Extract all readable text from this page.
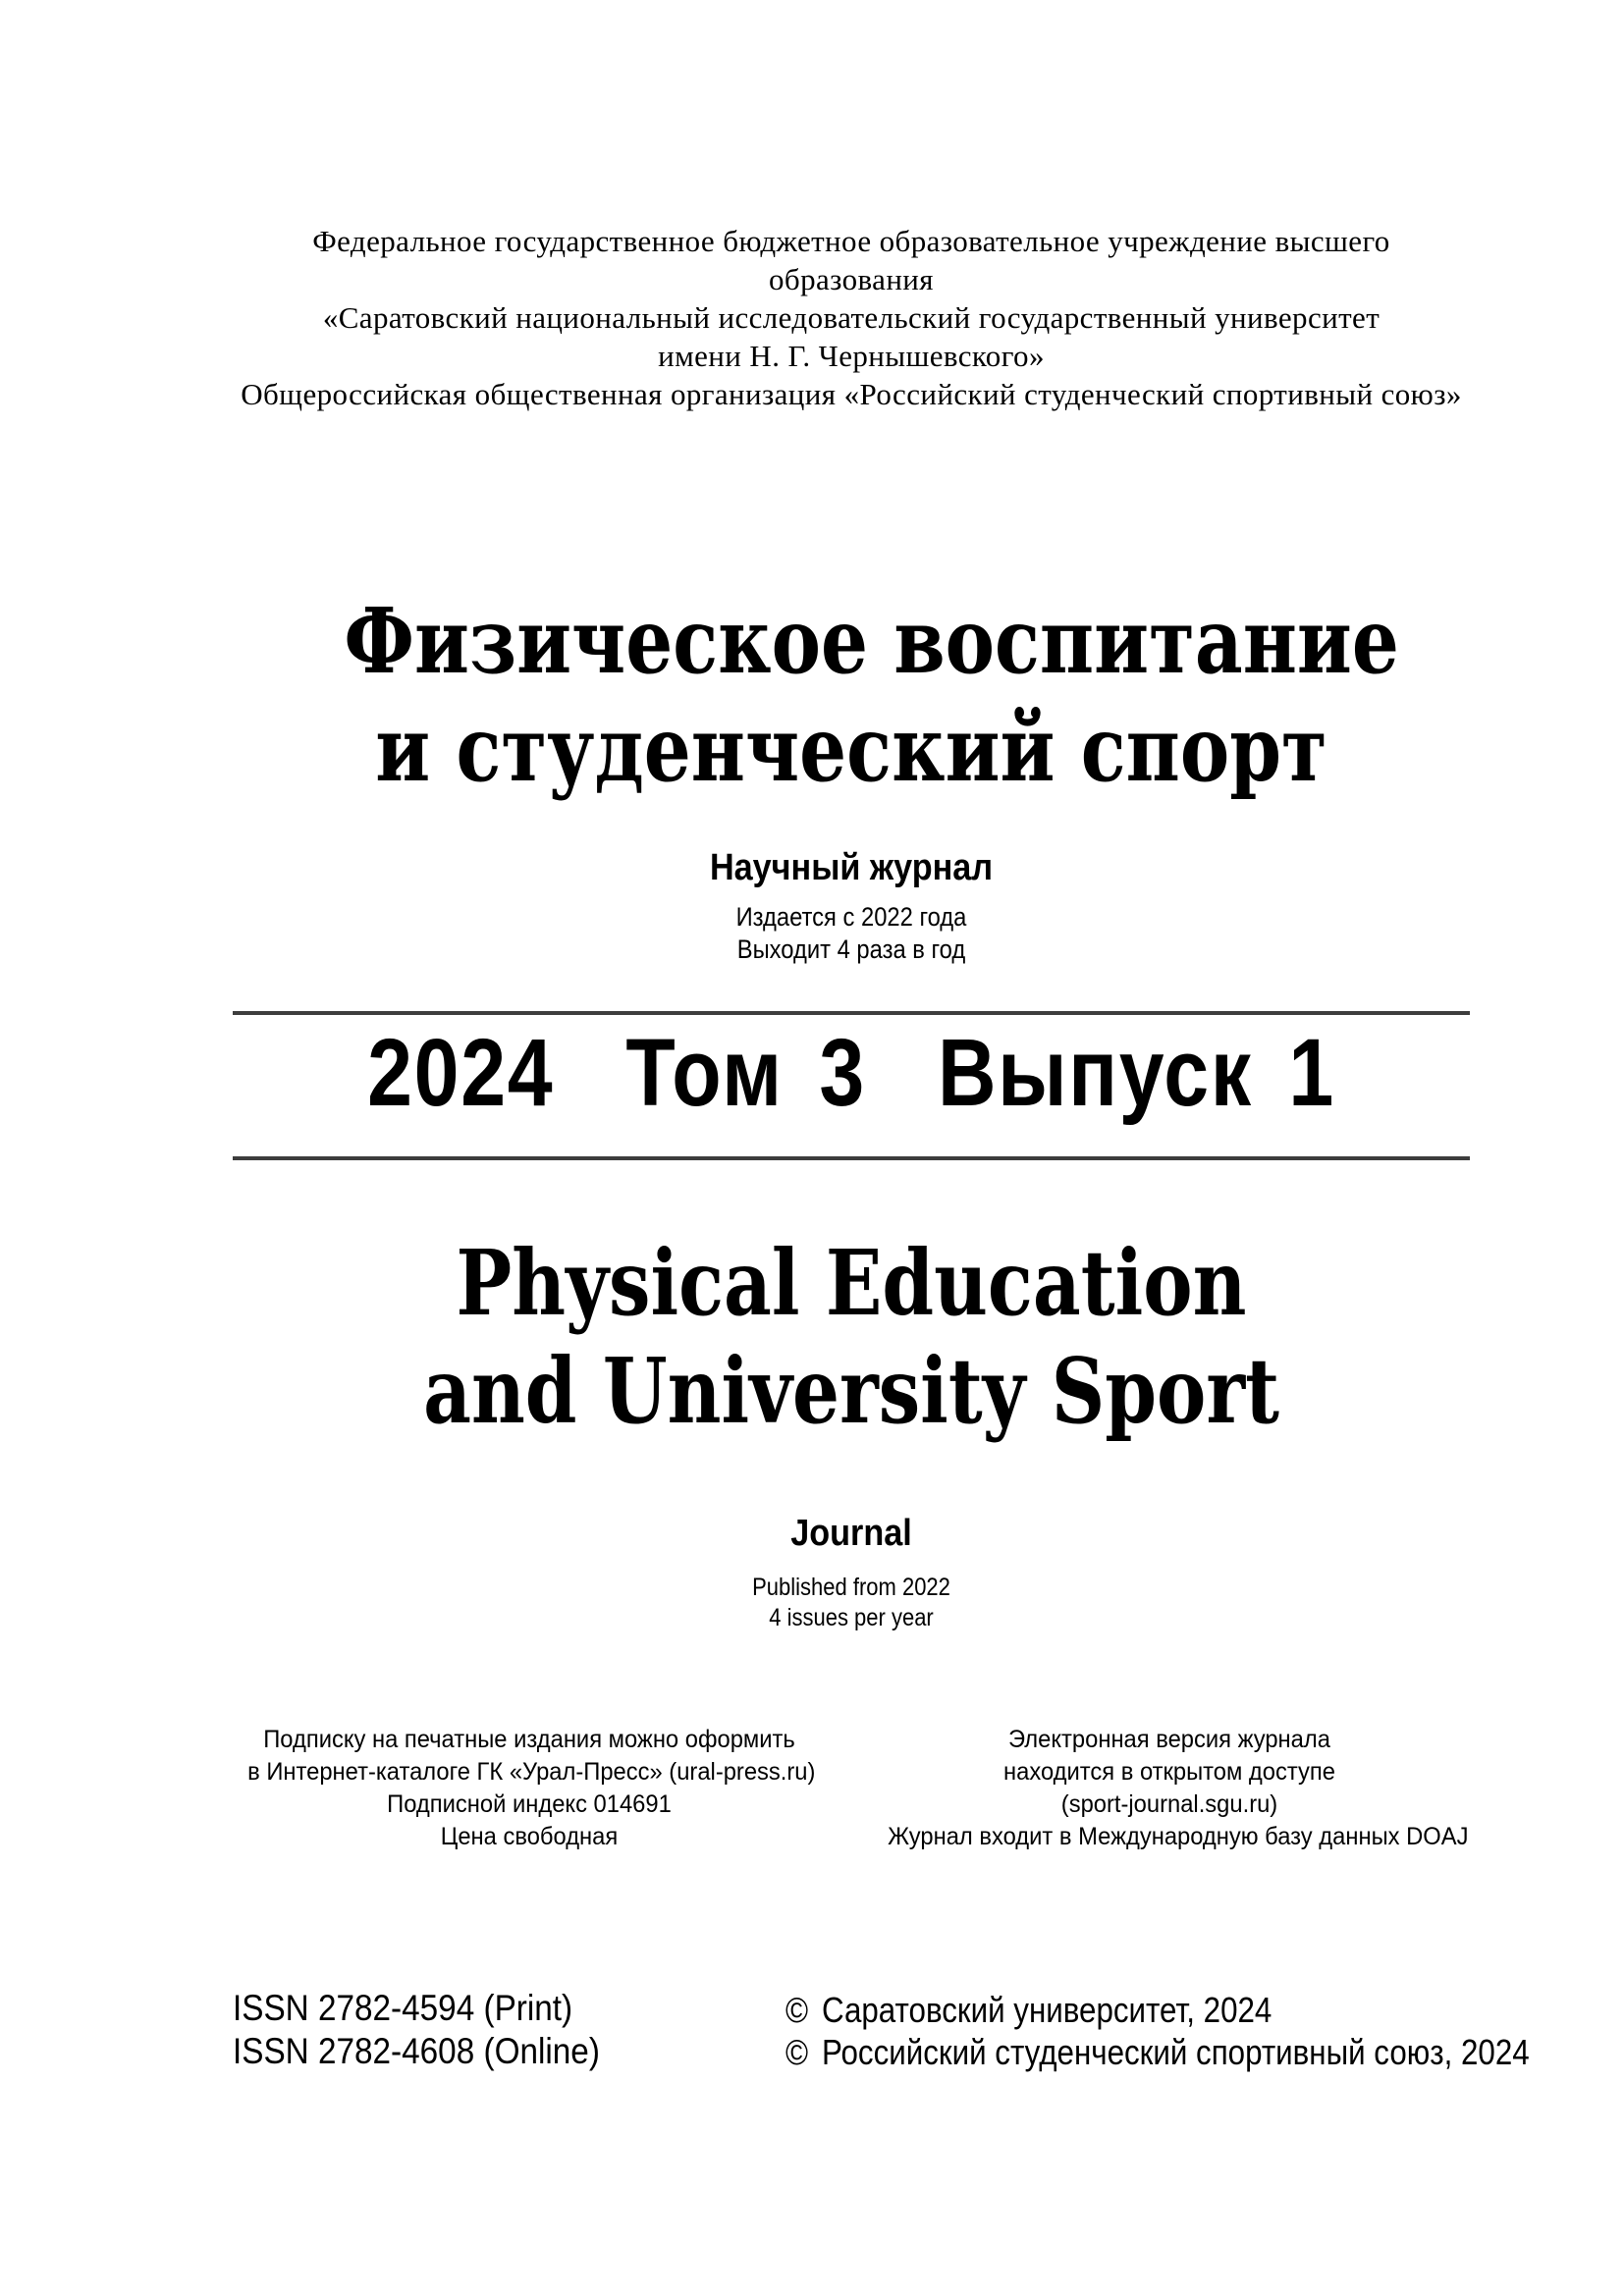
Федеральное государственное бюджетное образовательное учреждение высшего образования
«Саратовский национальный исследовательский государственный университет
имени Н. Г. Чернышевского»
Общероссийская общественная организация «Российский студенческий спортивный союз»
Физическое воспитание
и студенческий спорт
Научный журнал
Издается с 2022 года
Выходит 4 раза в год
2024  Том 3  Выпуск 1
Physical Education
and University Sport
Journal
Published from 2022
4 issues per year
Подписку на печатные издания можно оформить
в Интернет-каталоге ГК «Урал-Пресс» (ural-press.ru)
Подписной индекс 014691
Цена свободная
Электронная версия журнала
находится в открытом доступе
(sport-journal.sgu.ru)
Журнал входит в Международную базу данных DOAJ
ISSN 2782-4594 (Print)
ISSN 2782-4608 (Online)
© Саратовский университет, 2024
© Российский студенческий спортивный союз, 2024
